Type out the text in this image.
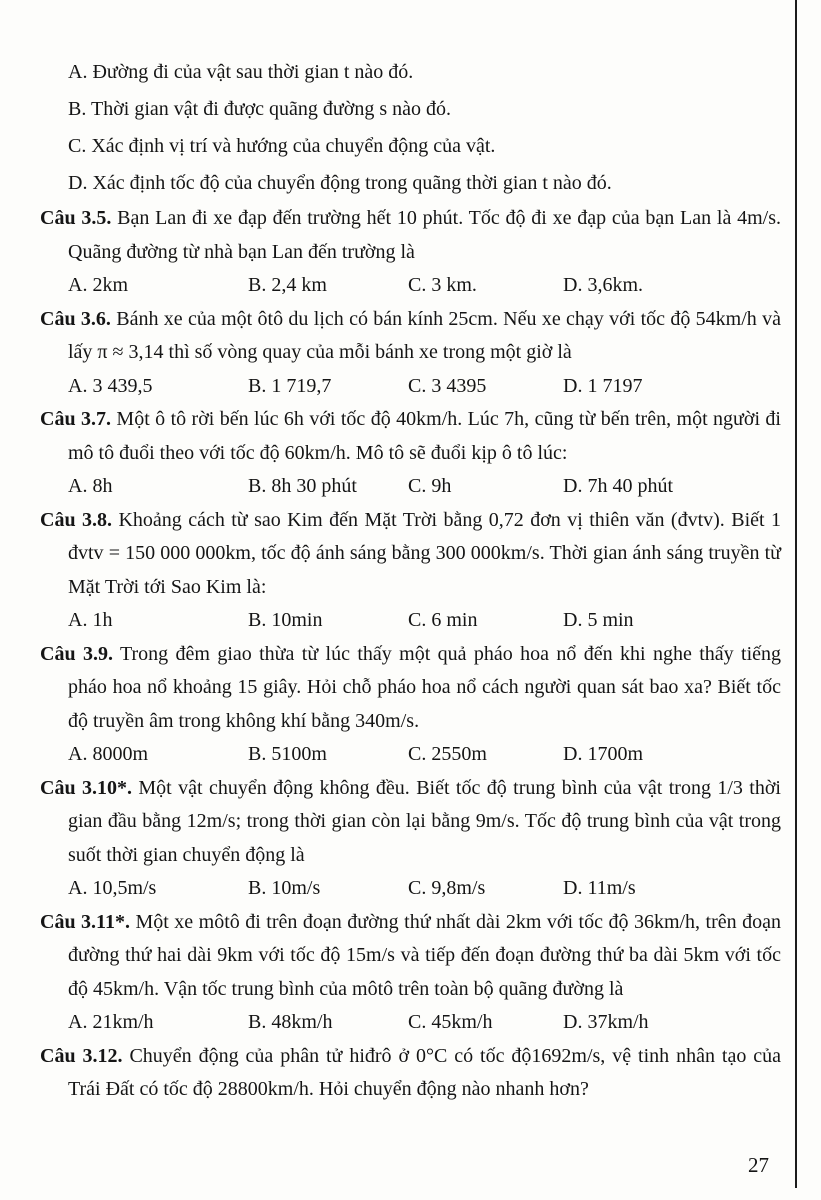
A. Đường đi của vật sau thời gian t nào đó.

B. Thời gian vật đi được quãng đường s nào đó.

C. Xác định vị trí và hướng của chuyển động của vật.

D. Xác định tốc độ của chuyển động trong quãng thời gian t nào đó.

Câu 3.5. Bạn Lan đi xe đạp đến trường hết 10 phút. Tốc độ đi xe đạp của bạn Lan là 4m/s. Quãng đường từ nhà bạn Lan đến trường là

A. 2km	B. 2,4 km	C. 3 km.	D. 3,6km.

Câu 3.6. Bánh xe của một ôtô du lịch có bán kính 25cm. Nếu xe chạy với tốc độ 54km/h và lấy π ≈ 3,14 thì số vòng quay của mỗi bánh xe trong một giờ là

A. 3 439,5	B. 1 719,7	C. 3 4395	D. 1 7197

Câu 3.7. Một ô tô rời bến lúc 6h với tốc độ 40km/h. Lúc 7h, cũng từ bến trên, một người đi mô tô đuổi theo với tốc độ 60km/h. Mô tô sẽ đuổi kịp ô tô lúc:

A. 8h	B. 8h 30 phút	C. 9h	D. 7h 40 phút

Câu 3.8. Khoảng cách từ sao Kim đến Mặt Trời bằng 0,72 đơn vị thiên văn (đvtv). Biết 1 đvtv = 150 000 000km, tốc độ ánh sáng bằng 300 000km/s. Thời gian ánh sáng truyền từ Mặt Trời tới Sao Kim là:

A. 1h	B. 10min	C. 6 min	D. 5 min

Câu 3.9. Trong đêm giao thừa từ lúc thấy một quả pháo hoa nổ đến khi nghe thấy tiếng pháo hoa nổ khoảng 15 giây. Hỏi chỗ pháo hoa nổ cách người quan sát bao xa? Biết tốc độ truyền âm trong không khí bằng 340m/s.

A. 8000m	B. 5100m	C. 2550m	D. 1700m

Câu 3.10*. Một vật chuyển động không đều. Biết tốc độ trung bình của vật trong 1/3 thời gian đầu bằng 12m/s; trong thời gian còn lại bằng 9m/s. Tốc độ trung bình của vật trong suốt thời gian chuyển động là

A. 10,5m/s	B. 10m/s	C. 9,8m/s	D. 11m/s

Câu 3.11*. Một xe môtô đi trên đoạn đường thứ nhất dài 2km với tốc độ 36km/h, trên đoạn đường thứ hai dài 9km với tốc độ 15m/s và tiếp đến đoạn đường thứ ba dài 5km với tốc độ 45km/h. Vận tốc trung bình của môtô trên toàn bộ quãng đường là

A. 21km/h	B. 48km/h	C. 45km/h	D. 37km/h

Câu 3.12. Chuyển động của phân tử hiđrô ở 0°C có tốc độ1692m/s, vệ tinh nhân tạo của Trái Đất có tốc độ 28800km/h. Hỏi chuyển động nào nhanh hơn?

27
